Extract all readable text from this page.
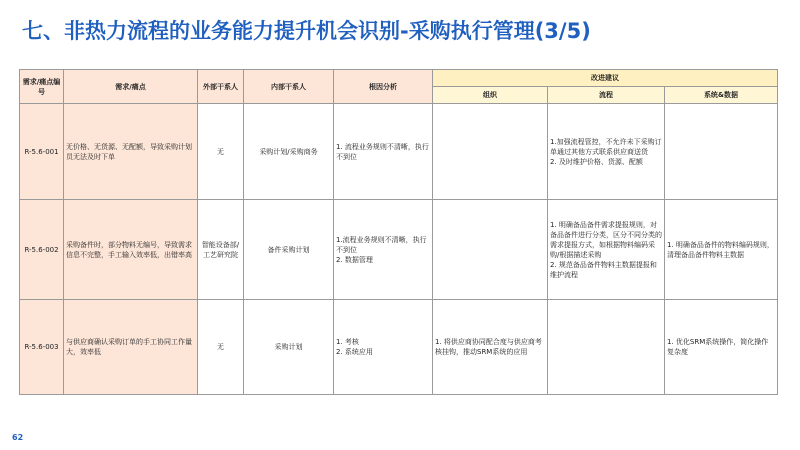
七、非热力流程的业务能力提升机会识别-采购执行管理(3/5)
需求/痛点编号	需求/痛点	外部干系人	内部干系人	根因分析	改进建议		
					组织	流程	系统&数据
R-5.6-001	无价格、无货源、无配额，导致采购计划员无法及时下单	无	采购计划/采购商务	1. 流程业务规则不清晰，执行不到位		1.加强流程管控，不允许未下采购订单通过其他方式联系供应商送货
2. 及时维护价格、货源、配额	
R-5.6-002	采购备件时，部分物料无编号，导致需求信息不完整，手工输入效率低，出错率高	智能设备部/工艺研究院	备件采购计划	1.流程业务规则不清晰，执行不到位
2. 数据管理		1. 明确备品备件需求提报规则，对备品备件进行分类，区分不同分类的需求提报方式，如根据物料编码采购/根据描述采购
2. 规范备品备件物料主数据提报和维护流程	1. 明确备品备件的物料编码规则，清理备品备件物料主数据
R-5.6-003	与供应商确认采购订单的手工协同工作量大，效率低	无	采购计划	1. 考核
2. 系统应用	1. 将供应商协同配合度与供应商考核挂钩，推动SRM系统的应用		1. 优化SRM系统操作，简化操作复杂度
62
